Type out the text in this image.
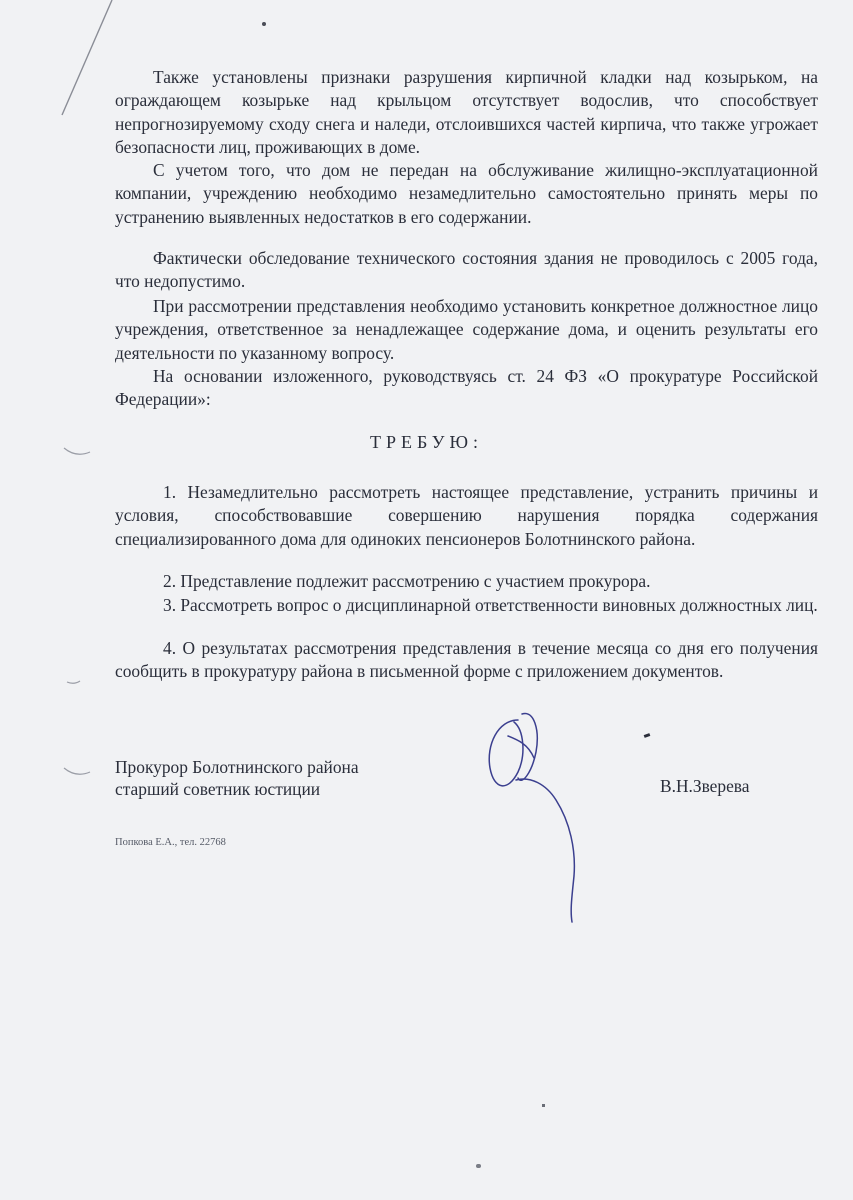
Также установлены признаки разрушения кирпичной кладки над козырьком, на ограждающем козырьке над крыльцом отсутствует водослив, что способствует непрогнозируемому сходу снега и наледи, отслоившихся частей кирпича, что также угрожает безопасности лиц, проживающих в доме.

С учетом того, что дом не передан на обслуживание жилищно-эксплуатационной компании, учреждению необходимо незамедлительно самостоятельно принять меры по устранению выявленных недостатков в его содержании.

Фактически обследование технического состояния здания не проводилось с 2005 года, что недопустимо.

При рассмотрении представления необходимо установить конкретное должностное лицо учреждения, ответственное за ненадлежащее содержание дома, и оценить результаты его деятельности по указанному вопросу.

На основании изложенного, руководствуясь ст. 24 ФЗ «О прокуратуре Российской Федерации»:

ТРЕБУЮ:

1. Незамедлительно рассмотреть настоящее представление, устранить причины и условия, способствовавшие совершению нарушения порядка содержания специализированного дома для одиноких пенсионеров Болотнинского района.

2. Представление подлежит рассмотрению с участием прокурора.

3. Рассмотреть вопрос о дисциплинарной ответственности виновных должностных лиц.

4. О результатах рассмотрения представления в течение месяца со дня его получения сообщить в прокуратуру района в письменной форме с приложением документов.

Прокурор Болотнинского района
старший советник юстиции	В.Н.Зверева
Попкова Е.А., тел. 22768
